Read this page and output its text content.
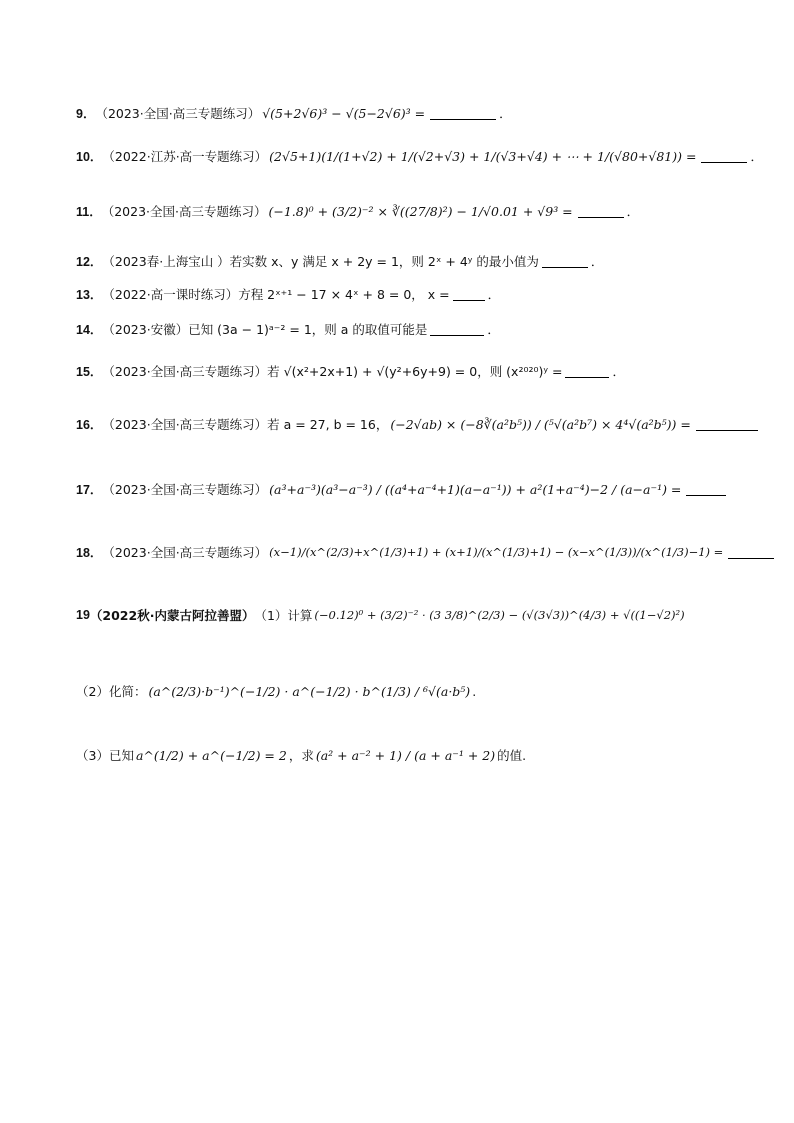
9． （2023·全国·高三专题练习） √(5+2√6)³ − √(5−2√6)³ =	．
10． （2022·江苏·高一专题练习） (2√5+1)(1/(1+√2) + 1/(√2+√3) + 1/(√3+√4) + ⋯ + 1/(√80+√81)) =	．
11． （2023·全国·高三专题练习） (−1.8)⁰ + (3/2)⁻² × ∛((27/8)²) − 1/√0.01 + √9³ =	．
12． （2023春·上海宝山 ） 若实数 x、y 满足 x + 2y = 1，则 2ˣ + 4ʸ 的最小值为	．
13． （2022·高一课时练习） 方程 2ˣ⁺¹ − 17 × 4ˣ + 8 = 0， x =	．
14． （2023·安徽） 已知 (3a − 1)ᵃ⁻² = 1，则 a 的取值可能是	．
15． （2023·全国·高三专题练习） 若 √(x²+2x+1) + √(y²+6y+9) = 0，则 (x²⁰²⁰)ʸ =	．
16． （2023·全国·高三专题练习） 若 a = 27, b = 16， (−2√ab) × (−8∛(a²b⁵)) / (⁵√(a²b⁷) × 4⁴√(a²b⁵)) =
17． （2023·全国·高三专题练习） (a³+a⁻³)(a³−a⁻³) / ((a⁴+a⁻⁴+1)(a−a⁻¹)) + a²(1+a⁻⁴)−2 / (a−a⁻¹) =
18． （2023·全国·高三专题练习） (x−1)/(x^(2/3)+x^(1/3)+1) + (x+1)/(x^(1/3)+1) − (x−x^(1/3))/(x^(1/3)−1) =
19 （2022秋·内蒙古阿拉善盟） （1）计算 (−0.12)⁰ + (3/2)⁻² · (3 3/8)^(2/3) − (√(3√3))^(4/3) + √((1−√2)²)
（2）化简： (a^(2/3)·b⁻¹)^(−1/2) · a^(−1/2) · b^(1/3) / ⁶√(a·b⁵) .
（3）已知 a^(1/2) + a^(−1/2) = 2 ，求 (a² + a⁻² + 1) / (a + a⁻¹ + 2) 的值.
